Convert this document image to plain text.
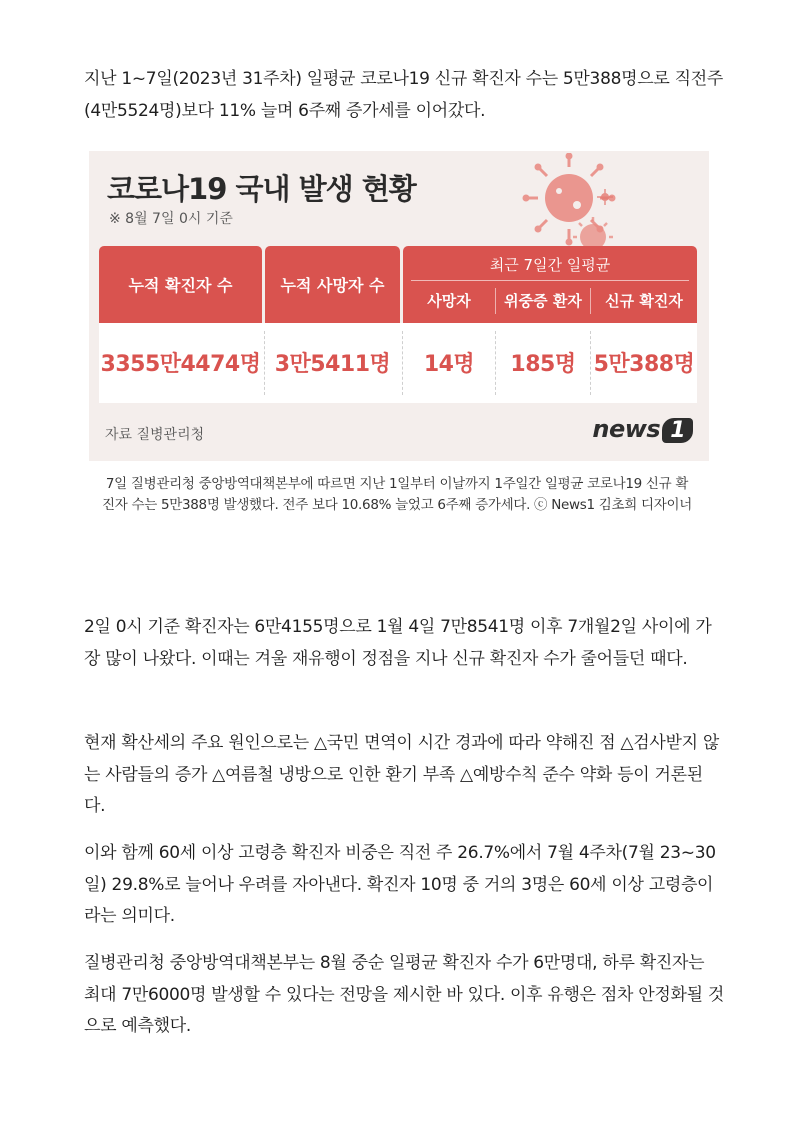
지난 1~7일(2023년 31주차) 일평균 코로나19 신규 확진자 수는 5만388명으로 직전주(4만5524명)보다 11% 늘며 6주째 증가세를 이어갔다.

코로나19 국내 발생 현황
※ 8월 7일 0시 기준
누적 확진자 수	누적 사망자 수
최근 7일간 일평균
사망자	위중증 환자	신규 확진자
3355만4474명 3만5411명	14명	185명 5만388명
자료 질병관리청	news 1

7일 질병관리청 중앙방역대책본부에 따르면 지난 1일부터 이날까지 1주일간 일평균 코로나19 신규 확진자 수는 5만388명 발생했다. 전주 보다 10.68% 늘었고 6주째 증가세다. ⓒ News1 김초희 디자이너

2일 0시 기준 확진자는 6만4155명으로 1월 4일 7만8541명 이후 7개월2일 사이에 가장 많이 나왔다. 이때는 겨울 재유행이 정점을 지나 신규 확진자 수가 줄어들던 때다.

현재 확산세의 주요 원인으로는 △국민 면역이 시간 경과에 따라 약해진 점 △검사받지 않는 사람들의 증가 △여름철 냉방으로 인한 환기 부족 △예방수칙 준수 약화 등이 거론된다.

이와 함께 60세 이상 고령층 확진자 비중은 직전 주 26.7%에서 7월 4주차(7월 23~30일) 29.8%로 늘어나 우려를 자아낸다. 확진자 10명 중 거의 3명은 60세 이상 고령층이라는 의미다.

질병관리청 중앙방역대책본부는 8월 중순 일평균 확진자 수가 6만명대, 하루 확진자는 최대 7만6000명 발생할 수 있다는 전망을 제시한 바 있다. 이후 유행은 점차 안정화될 것으로 예측했다.
